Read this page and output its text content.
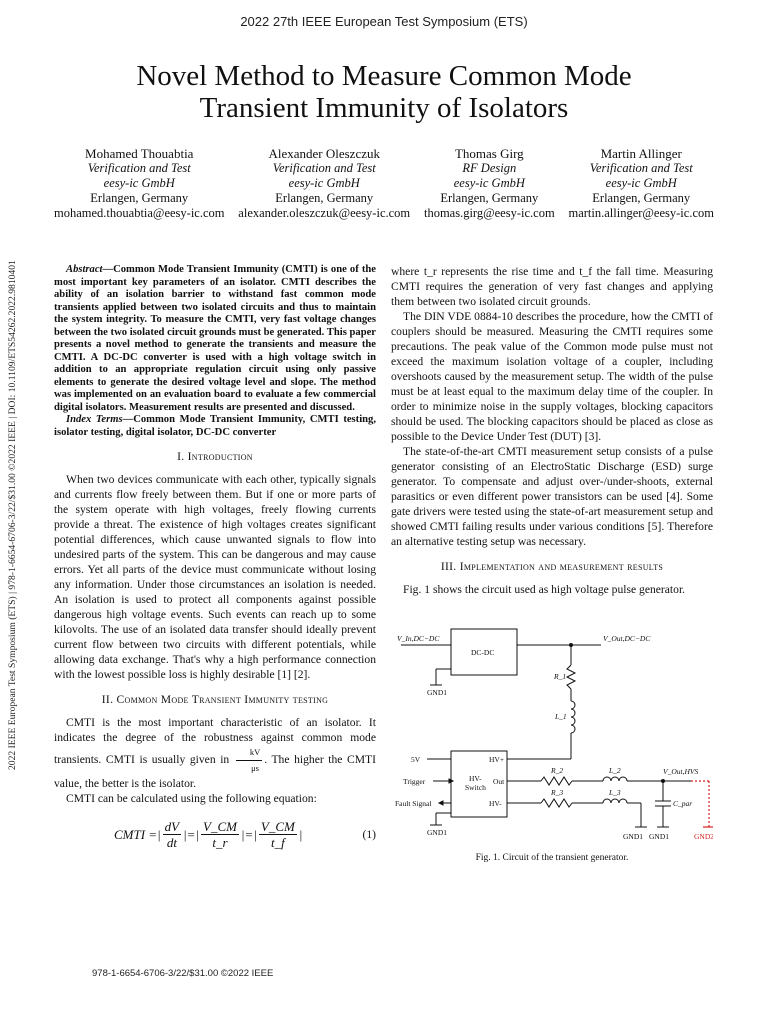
2022 27th IEEE European Test Symposium (ETS)
Novel Method to Measure Common Mode
Transient Immunity of Isolators
Mohamed Thouabtia
Verification and Test
eesy-ic GmbH
Erlangen, Germany
mohamed.thouabtia@eesy-ic.com
Alexander Oleszczuk
Verification and Test
eesy-ic GmbH
Erlangen, Germany
alexander.oleszczuk@eesy-ic.com
Thomas Girg
RF Design
eesy-ic GmbH
Erlangen, Germany
thomas.girg@eesy-ic.com
Martin Allinger
Verification and Test
eesy-ic GmbH
Erlangen, Germany
martin.allinger@eesy-ic.com
2022 IEEE European Test Symposium (ETS) | 978-1-6654-6706-3/22/$31.00 ©2022 IEEE | DOI: 10.1109/ETS54262.2022.9810401	Abstract—Common Mode Transient Immunity (CMTI) is one of the most important key parameters of an isolator. CMTI describes the ability of an isolation barrier to withstand fast common mode transients applied between two isolated circuits and thus to maintain the system integrity. To measure the CMTI, very fast voltage changes between the two isolated circuit grounds must be generated. This paper presents a novel method to generate the transients and measure the CMTI. A DC-DC converter is used with a high voltage switch in addition to an appropriate regulation circuit using only passive elements to generate the desired voltage level and slope. The method was implemented on an evaluation board to evaluate a few commercial digital isolators. Measurement results are presented and discussed.

Index Terms—Common Mode Transient Immunity, CMTI testing, isolator testing, digital isolator, DC-DC converter

I. Introduction

When two devices communicate with each other, typically signals and currents flow freely between them. But if one or more parts of the system operate with high voltages, freely flowing currents provide a threat. The existence of high voltages creates significant potential differences, which cause unwanted signals to flow into undesired parts of the system. This can be dangerous and may cause errors. Yet all parts of the device must communicate without losing any information. Under those circumstances an isolation is needed. An isolation is used to protect all components against possible dangerous high voltage events. Such events can reach up to some kilovolts. The use of an isolated data transfer should ideally prevent current flow between two circuits with different potentials, while allowing data exchange. That's why a high performance connection with the lowest possible loss is highly desirable [1] [2].

II. Common Mode Transient Immunity testing

CMTI is the most important characteristic of an isolator. It indicates the degree of the robustness against common mode transients. CMTI is usually given in $\frac{kV}{\mu s}$ . The higher the CMTI value, the better is the isolator.

CMTI can be calculated using the following equation:

CMTI =| $\frac{dV}{dt}$ |=| $\frac{V\_CM}{t\_r}$ |=| $\frac{V\_CM}{t\_f}$ |	(1)

where t_r represents the rise time and t_f the fall time. Measuring CMTI requires the generation of very fast changes and applying them between two isolated circuit grounds.

The DIN VDE 0884-10 describes the procedure, how the CMTI of couplers should be measured. Measuring the CMTI requires some precautions. The peak value of the Common mode pulse must not exceed the maximum isolation voltage of a coupler, including overshoots caused by the measurement setup. The width of the pulse must be at least equal to the maximum delay time of the coupler. In order to minimize noise in the supply voltages, blocking capacitors should be used. The blocking capacitors should be placed as close as possible to the Device Under Test (DUT) [3].

The state-of-the-art CMTI measurement setup consists of a pulse generator consisting of an ElectroStatic Discharge (ESD) surge generator. To compensate and adjust over-/under-shoots, external parasitics or even different power transistors can be used [4]. Some gate drivers were tested using the state-of-art measurement setup and showed CMTI failing results under various conditions [5]. Therefore an alternative testing setup was necessary.

III. Implementation and measurement results

Fig. 1 shows the circuit used as high voltage pulse generator.

V_In,DC−DC	V_Out,DC−DC
DC-DC
GND1
R_1
L_1
5V
Trigger
Fault Signal
HV+
HV-
Out
HV-
Switch
R_2
R_3
L_2
L_3
V_Out,HVS
C_par
GND1 GND1
GND1	GND2
Fig. 1. Circuit of the transient generator.
978-1-6654-6706-3/22/$31.00 ©2022 IEEE
